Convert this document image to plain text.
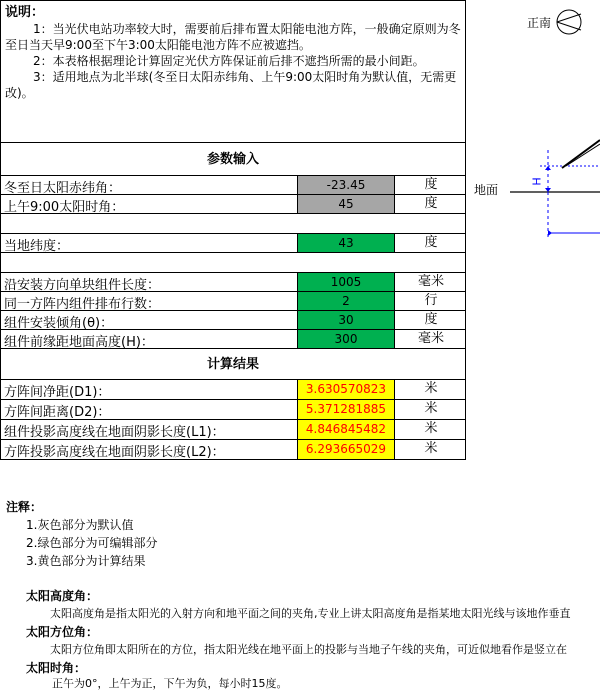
说明：

1：当光伏电站功率较大时，需要前后排布置太阳能电池方阵，一般确定原则为冬至日当天早9:00至下午3:00太阳能电池方阵不应被遮挡。

2：本表格根据理论计算固定光伏方阵保证前后排不遮挡所需的最小间距。

3：适用地点为北半球(冬至日太阳赤纬角、上午9:00太阳时角为默认值，无需更改)。

参数输入
冬至日太阳赤纬角：	-23.45	度
上午9:00太阳时角：	45	度
当地纬度：	43	度
沿安装方向单块组件长度：	1005	毫米
同一方阵内组件排布行数：	2	行
组件安装倾角(θ)：	30	度
组件前缘距地面高度(H)：	300	毫米
计算结果
方阵间净距(D1)：	3.630570823	米
方阵间距离(D2)：	5.371281885	米
组件投影高度线在地面阴影长度(L1)：	4.846845482	米
方阵投影高度线在地面阴影长度(L2)：	6.293665029	米
正南
地面
H
注释：
1.灰色部分为默认值
2.绿色部分为可编辑部分
3.黄色部分为计算结果
太阳高度角：
太阳高度角是指太阳光的入射方向和地平面之间的夹角,专业上讲太阳高度角是指某地太阳光线与该地作垂直
太阳方位角：
太阳方位角即太阳所在的方位，指太阳光线在地平面上的投影与当地子午线的夹角，可近似地看作是竖立在
太阳时角：
正午为0°，上午为正，下午为负，每小时15度。
